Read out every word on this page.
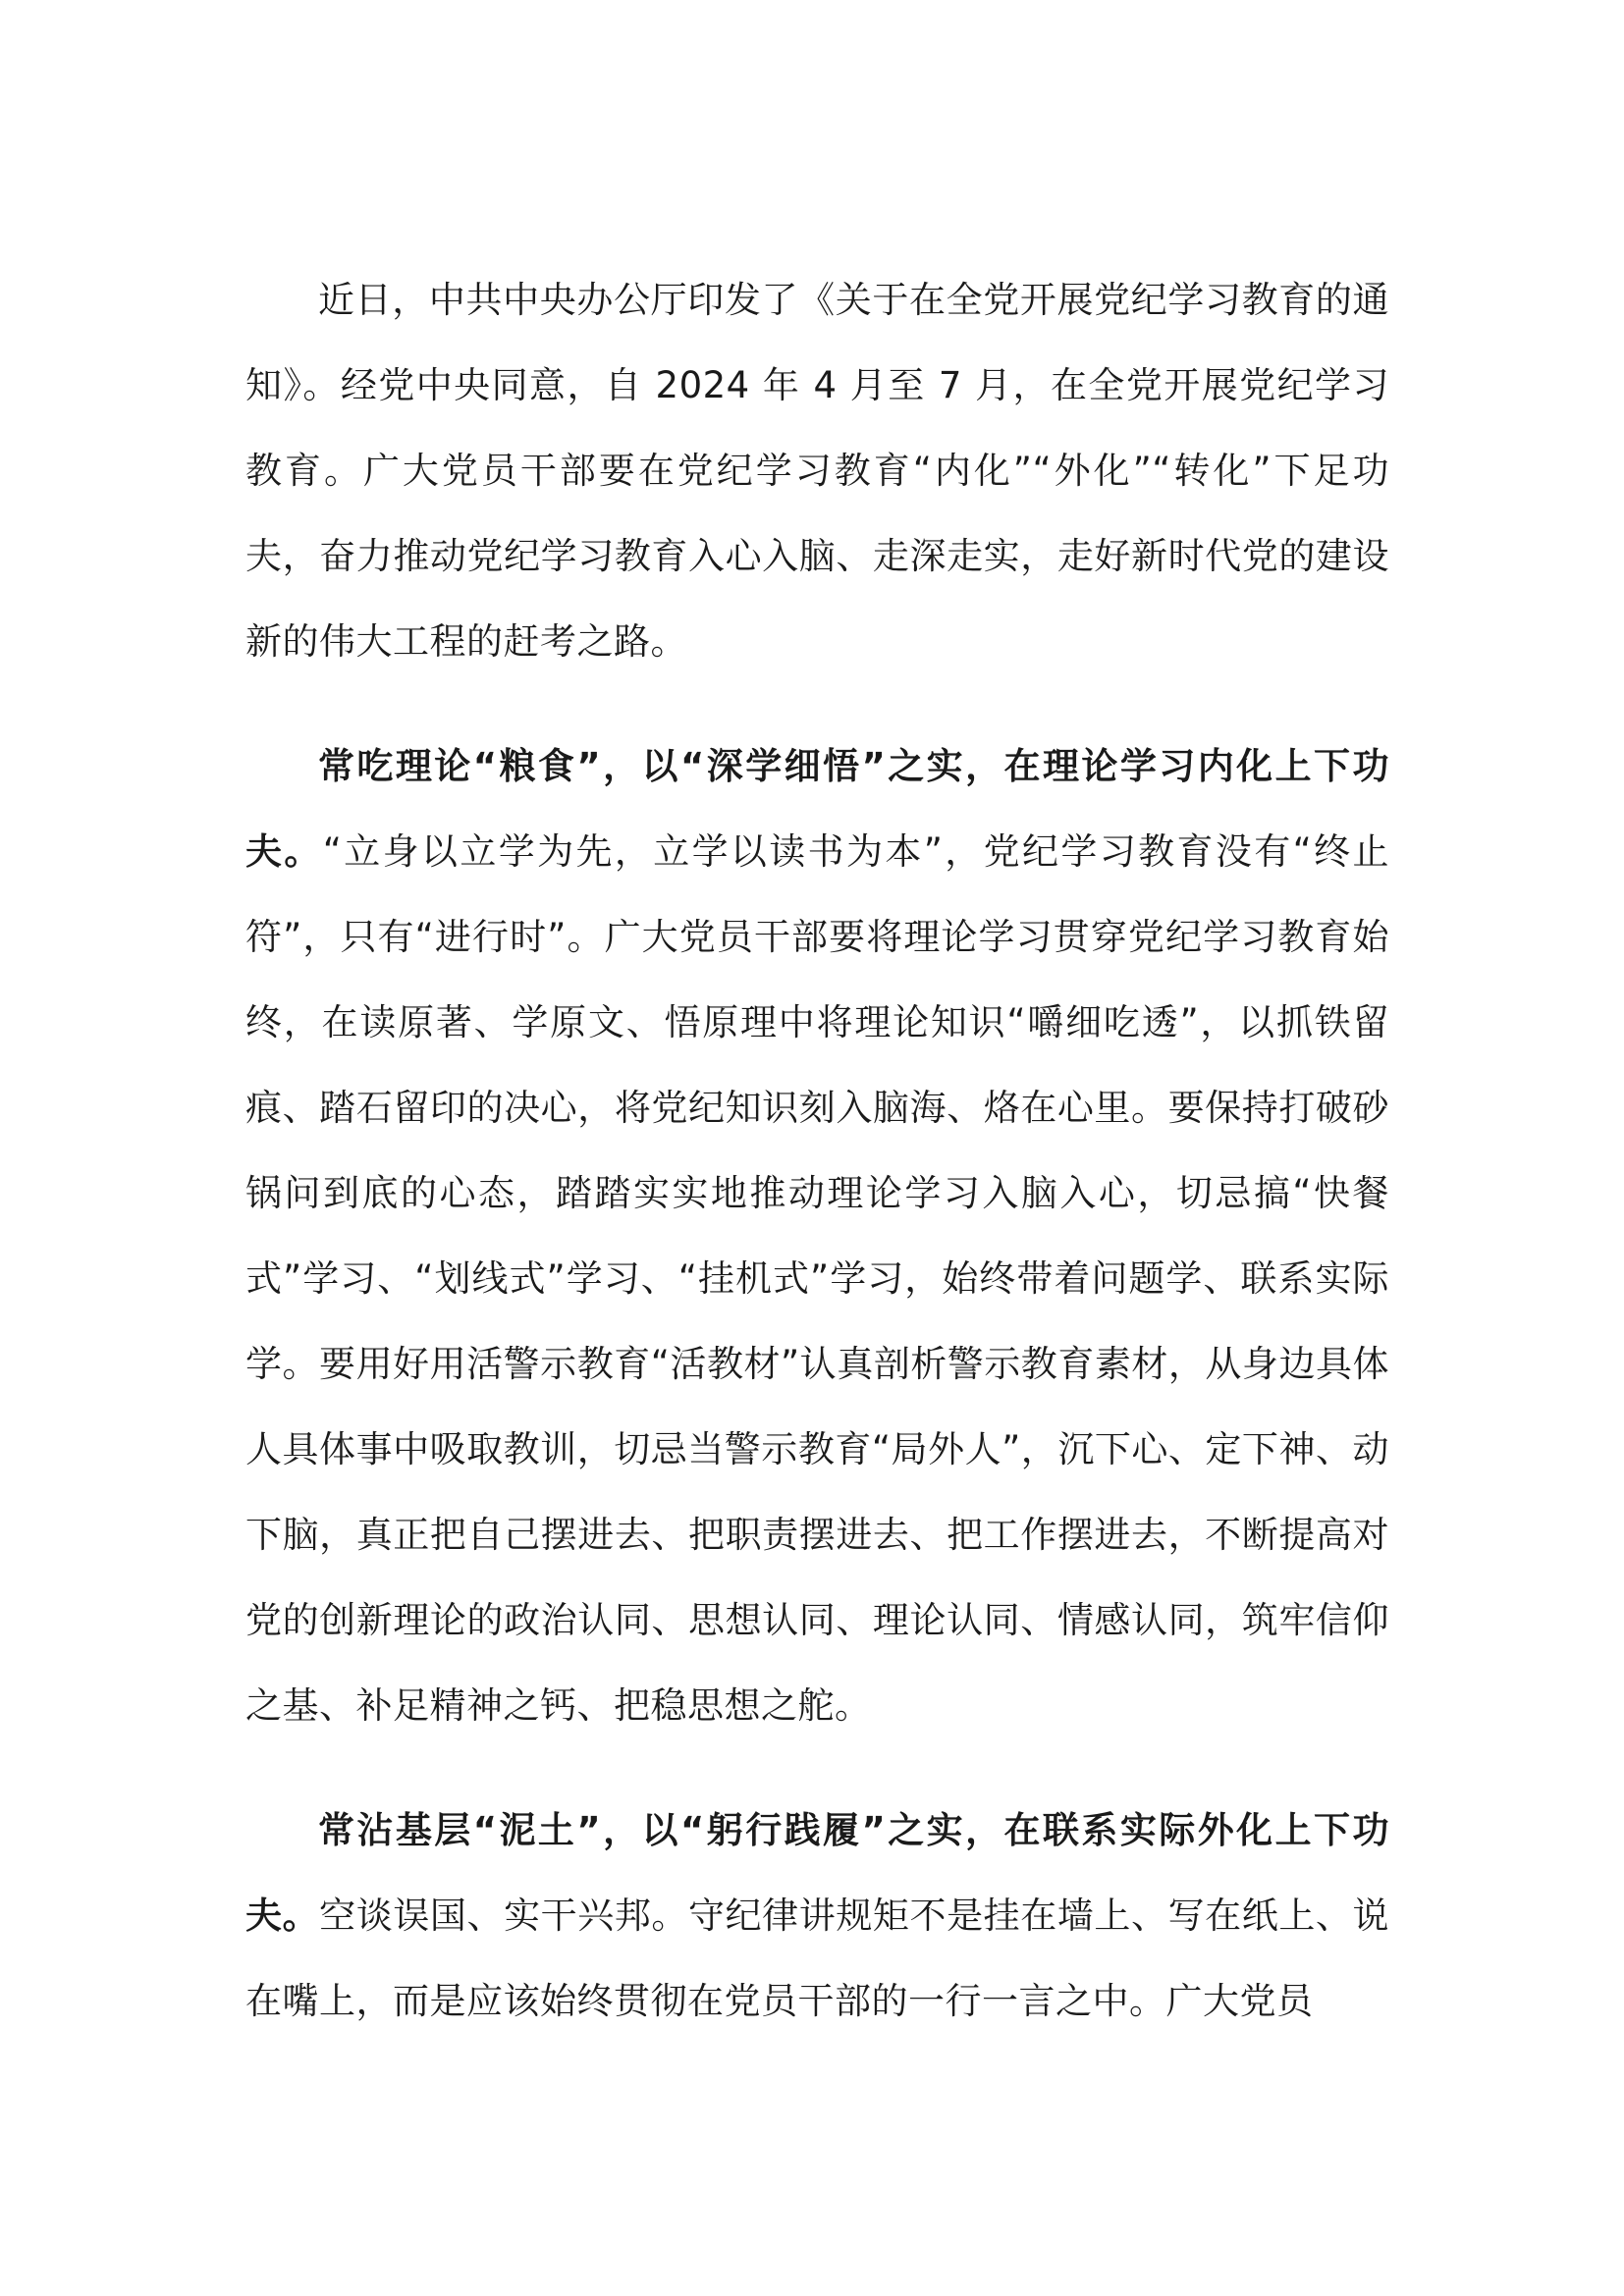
近日，中共中央办公厅印发了《关于在全党开展党纪学习教育的通知》。经党中央同意，自 2024 年 4 月至 7 月，在全党开展党纪学习教育。广大党员干部要在党纪学习教育“内化”“外化”“转化”下足功夫，奋力推动党纪学习教育入心入脑、走深走实，走好新时代党的建设新的伟大工程的赶考之路。

常吃理论“粮食”，以“深学细悟”之实，在理论学习内化上下功夫。“立身以立学为先，立学以读书为本”，党纪学习教育没有“终止符”，只有“进行时”。广大党员干部要将理论学习贯穿党纪学习教育始终，在读原著、学原文、悟原理中将理论知识“嚼细吃透”，以抓铁留痕、踏石留印的决心，将党纪知识刻入脑海、烙在心里。要保持打破砂锅问到底的心态，踏踏实实地推动理论学习入脑入心，切忌搞“快餐式”学习、“划线式”学习、“挂机式”学习，始终带着问题学、联系实际学。要用好用活警示教育“活教材”认真剖析警示教育素材，从身边具体人具体事中吸取教训，切忌当警示教育“局外人”，沉下心、定下神、动下脑，真正把自己摆进去、把职责摆进去、把工作摆进去，不断提高对党的创新理论的政治认同、思想认同、理论认同、情感认同，筑牢信仰之基、补足精神之钙、把稳思想之舵。

常沾基层“泥土”，以“躬行践履”之实，在联系实际外化上下功夫。空谈误国、实干兴邦。守纪律讲规矩不是挂在墙上、写在纸上、说在嘴上，而是应该始终贯彻在党员干部的一行一言之中。广大党员
